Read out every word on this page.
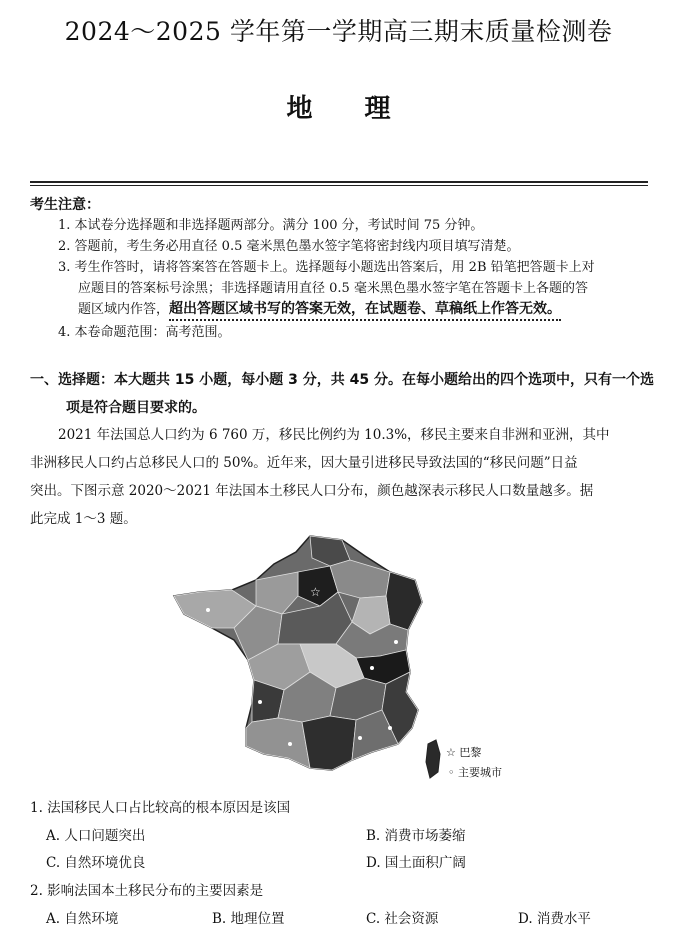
2024～2025 学年第一学期高三期末质量检测卷
地理
考生注意：
1. 本试卷分选择题和非选择题两部分。满分 100 分，考试时间 75 分钟。
2. 答题前，考生务必用直径 0.5 毫米黑色墨水签字笔将密封线内项目填写清楚。
3. 考生作答时，请将答案答在答题卡上。选择题每小题选出答案后，用 2B 铅笔把答题卡上对
应题目的答案标号涂黑；非选择题请用直径 0.5 毫米黑色墨水签字笔在答题卡上各题的答
题区域内作答，超出答题区域书写的答案无效，在试题卷、草稿纸上作答无效。
4. 本卷命题范围：高考范围。
一、选择题：本大题共 15 小题，每小题 3 分，共 45 分。在每小题给出的四个选项中，只有一个选
项是符合题目要求的。
2021 年法国总人口约为 6 760 万，移民比例约为 10.3%，移民主要来自非洲和亚洲，其中
非洲移民人口约占总移民人口的 50%。近年来，因大量引进移民导致法国的“移民问题”日益
突出。下图示意 2020～2021 年法国本土移民人口分布，颜色越深表示移民人口数量越多。据
此完成 1～3 题。
☆
☆ 巴黎
◦ 主要城市
1. 法国移民人口占比较高的根本原因是该国
A. 人口问题突出	B. 消费市场萎缩
C. 自然环境优良	D. 国土面积广阔
2. 影响法国本土移民分布的主要因素是
A. 自然环境	B. 地理位置	C. 社会资源	D. 消费水平
